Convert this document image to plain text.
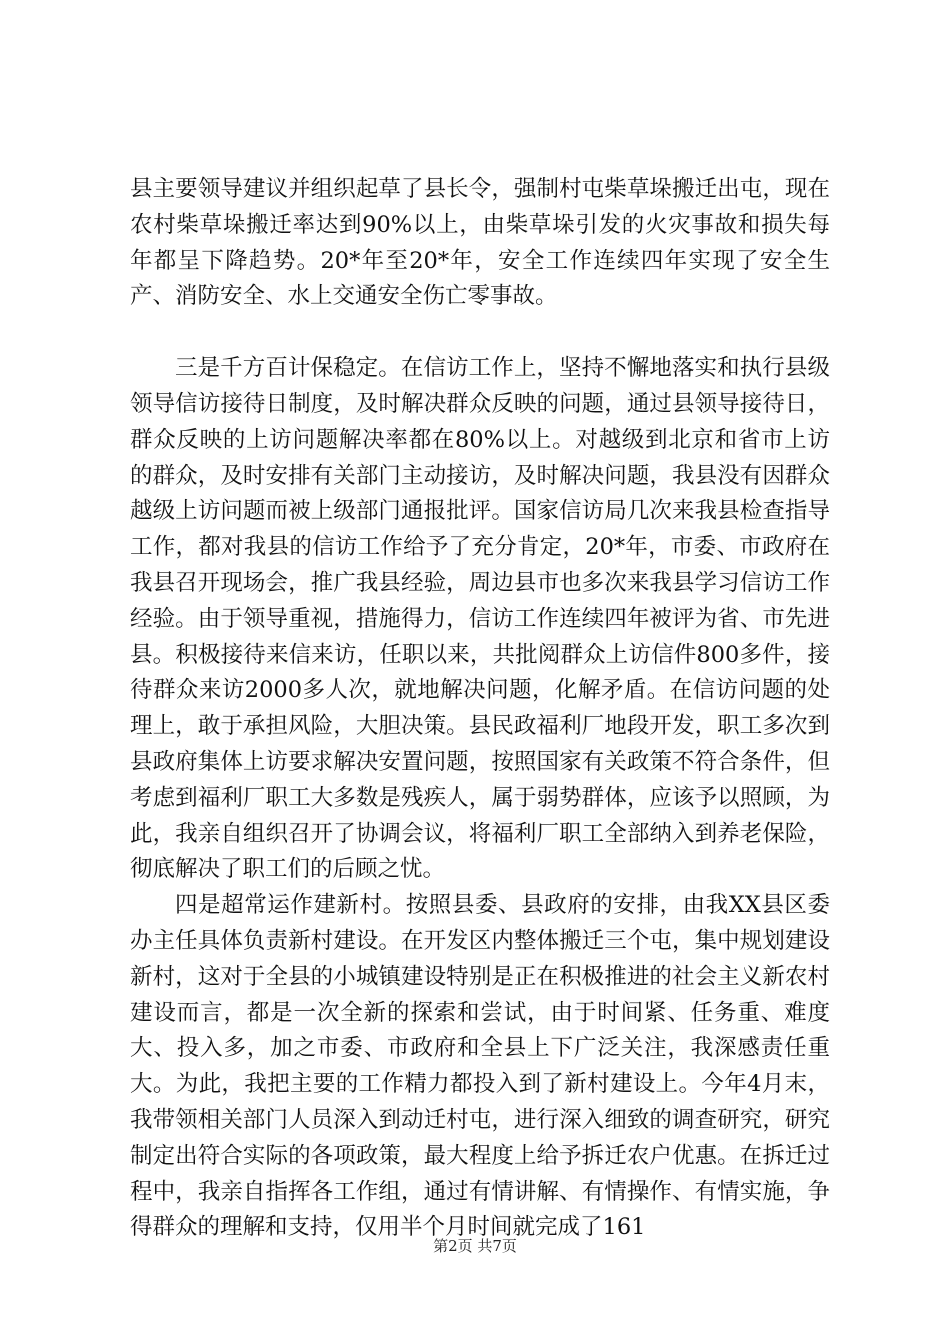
县主要领导建议并组织起草了县长令，强制村屯柴草垛搬迁出屯，现在农村柴草垛搬迁率达到90%以上，由柴草垛引发的火灾事故和损失每年都呈下降趋势。20*年至20*年，安全工作连续四年实现了安全生产、消防安全、水上交通安全伤亡零事故。

三是千方百计保稳定。在信访工作上，坚持不懈地落实和执行县级领导信访接待日制度，及时解决群众反映的问题，通过县领导接待日，群众反映的上访问题解决率都在80%以上。对越级到北京和省市上访的群众，及时安排有关部门主动接访，及时解决问题，我县没有因群众越级上访问题而被上级部门通报批评。国家信访局几次来我县检查指导工作，都对我县的信访工作给予了充分肯定，20*年，市委、市政府在我县召开现场会，推广我县经验，周边县市也多次来我县学习信访工作经验。由于领导重视，措施得力，信访工作连续四年被评为省、市先进县。积极接待来信来访，任职以来，共批阅群众上访信件800多件，接待群众来访2000多人次，就地解决问题，化解矛盾。在信访问题的处理上，敢于承担风险，大胆决策。县民政福利厂地段开发，职工多次到县政府集体上访要求解决安置问题，按照国家有关政策不符合条件，但考虑到福利厂职工大多数是残疾人，属于弱势群体，应该予以照顾，为此，我亲自组织召开了协调会议，将福利厂职工全部纳入到养老保险，彻底解决了职工们的后顾之忧。

四是超常运作建新村。按照县委、县政府的安排，由我XX县区委办主任具体负责新村建设。在开发区内整体搬迁三个屯，集中规划建设新村，这对于全县的小城镇建设特别是正在积极推进的社会主义新农村建设而言，都是一次全新的探索和尝试，由于时间紧、任务重、难度大、投入多，加之市委、市政府和全县上下广泛关注，我深感责任重大。为此，我把主要的工作精力都投入到了新村建设上。今年4月末，我带领相关部门人员深入到动迁村屯，进行深入细致的调查研究，研究制定出符合实际的各项政策，最大程度上给予拆迁农户优惠。在拆迁过程中，我亲自指挥各工作组，通过有情讲解、有情操作、有情实施，争得群众的理解和支持，仅用半个月时间就完成了161

第2页 共7页
